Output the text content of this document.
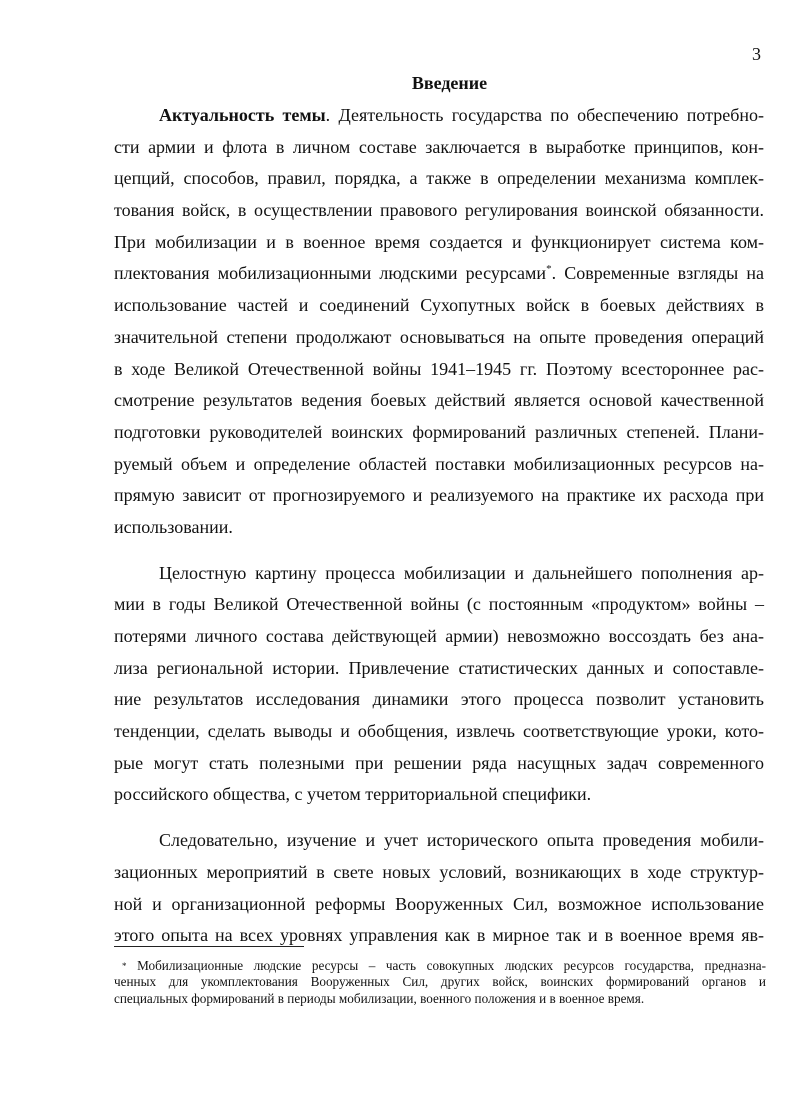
3
Введение
Актуальность темы. Деятельность государства по обеспечению потребно-
сти армии и флота в личном составе заключается в выработке принципов, кон-
цепций, способов, правил, порядка, а также в определении механизма комплек-
тования войск, в осуществлении правового регулирования воинской обязанности.
При мобилизации и в военное время создается и функционирует система ком-
плектования мобилизационными людскими ресурсами*. Современные взгляды на
использование частей и соединений Сухопутных войск в боевых действиях в
значительной степени продолжают основываться на опыте проведения операций
в ходе Великой Отечественной войны 1941–1945 гг. Поэтому всестороннее рас-
смотрение результатов ведения боевых действий является основой качественной
подготовки руководителей воинских формирований различных степеней. Плани-
руемый объем и определение областей поставки мобилизационных ресурсов на-
прямую зависит от прогнозируемого и реализуемого на практике их расхода при
использовании.
Целостную картину процесса мобилизации и дальнейшего пополнения ар-
мии в годы Великой Отечественной войны (с постоянным «продуктом» войны –
потерями личного состава действующей армии) невозможно воссоздать без ана-
лиза региональной истории. Привлечение статистических данных и сопоставле-
ние результатов исследования динамики этого процесса позволит установить
тенденции, сделать выводы и обобщения, извлечь соответствующие уроки, кото-
рые могут стать полезными при решении ряда насущных задач современного
российского общества, с учетом территориальной специфики.
Следовательно, изучение и учет исторического опыта проведения мобили-
зационных мероприятий в свете новых условий, возникающих в ходе структур-
ной и организационной реформы Вооруженных Сил, возможное использование
этого опыта на всех уровнях управления как в мирное так и в военное время яв-
* Мобилизационные людские ресурсы – часть совокупных людских ресурсов государства, предназна-
ченных для укомплектования Вооруженных Сил, других войск, воинских формирований органов и
специальных формирований в периоды мобилизации, военного положения и в военное время.
